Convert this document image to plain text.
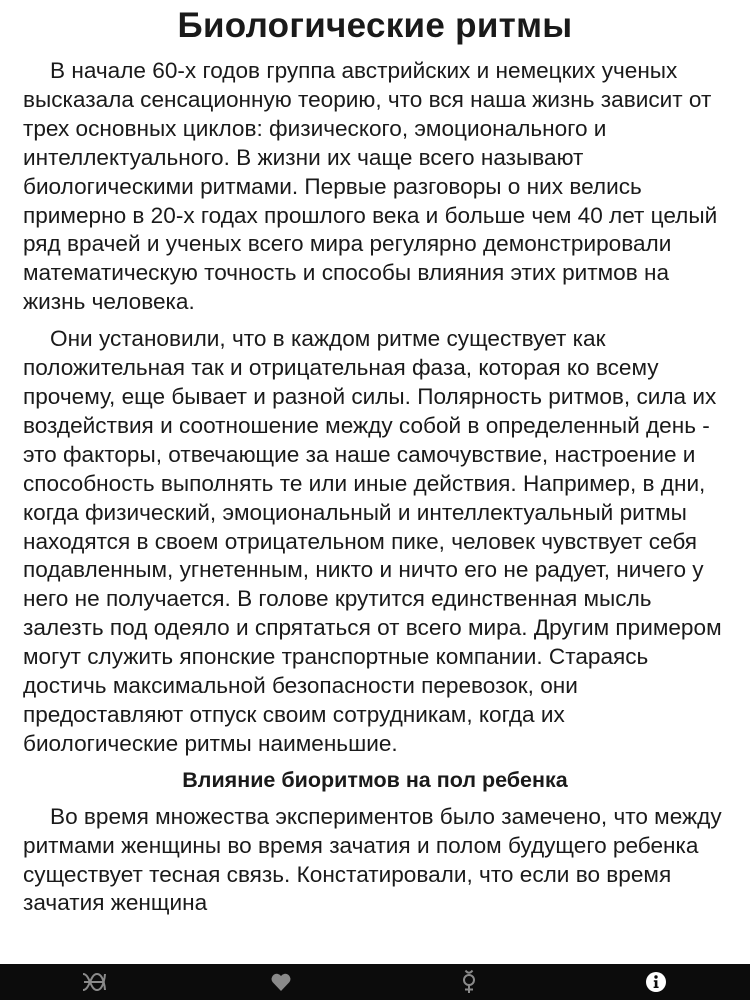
Биологические ритмы

В начале 60-х годов группа австрийских и немецких ученых высказала сенсационную теорию, что вся наша жизнь зависит от трех основных циклов: физического, эмоционального и интеллектуального. В жизни их чаще всего называют биологическими ритмами. Первые разговоры о них велись примерно в 20-х годах прошлого века и больше чем 40 лет целый ряд врачей и ученых всего мира регулярно демонстрировали математическую точность и способы влияния этих ритмов на жизнь человека.

Они установили, что в каждом ритме существует как положительная так и отрицательная фаза, которая ко всему прочему, еще бывает и разной силы. Полярность ритмов, сила их воздействия и соотношение между собой в определенный день - это факторы, отвечающие за наше самочувствие, настроение и способность выполнять те или иные действия. Например, в дни, когда физический, эмоциональный и интеллектуальный ритмы находятся в своем отрицательном пике, человек чувствует себя подавленным, угнетенным, никто и ничто его не радует, ничего у него не получается. В голове крутится единственная мысль залезть под одеяло и спрятаться от всего мира. Другим примером могут служить японские транспортные компании. Стараясь достичь максимальной безопасности перевозок, они предоставляют отпуск своим сотрудникам, когда их биологические ритмы наименьшие.

Влияние биоритмов на пол ребенка

Во время множества экспериментов было замечено, что между ритмами женщины во время зачатия и полом будущего ребенка существует тесная связь. Констатировали, что если во время зачатия женщина
